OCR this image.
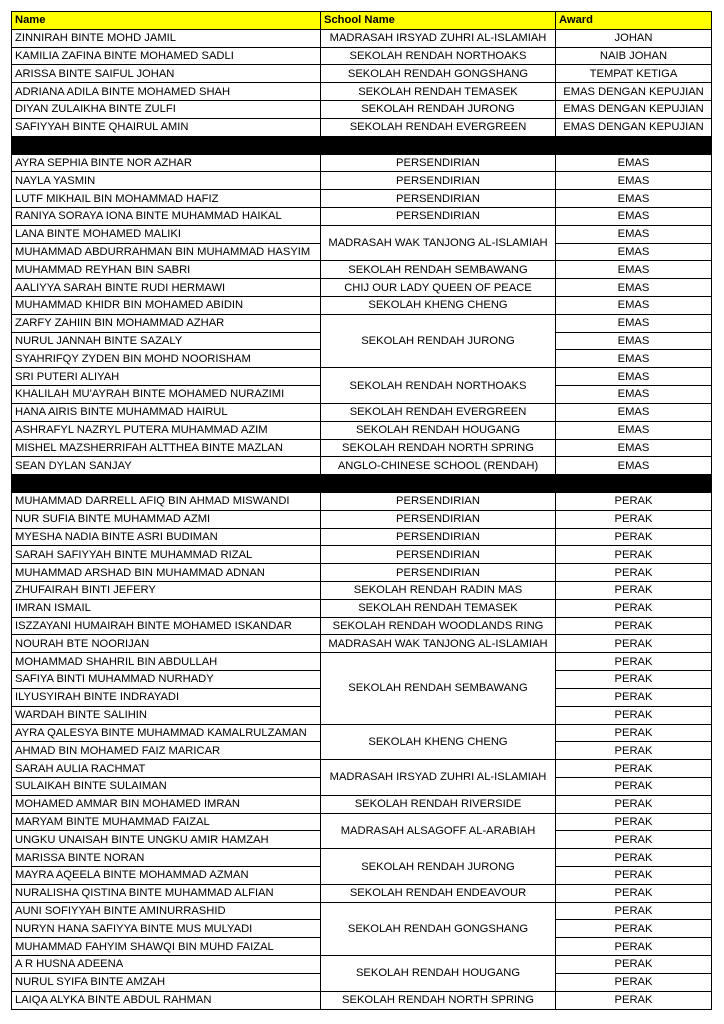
Name	School Name	Award
ZINNIRAH BINTE MOHD JAMIL	MADRASAH IRSYAD ZUHRI AL-ISLAMIAH	JOHAN
KAMILIA ZAFINA BINTE MOHAMED SADLI	SEKOLAH RENDAH NORTHOAKS	NAIB JOHAN
ARISSA BINTE SAIFUL JOHAN	SEKOLAH RENDAH GONGSHANG	TEMPAT KETIGA
ADRIANA ADILA BINTE MOHAMED SHAH	SEKOLAH RENDAH TEMASEK	EMAS DENGAN KEPUJIAN
DIYAN ZULAIKHA BINTE ZULFI	SEKOLAH RENDAH JURONG	EMAS DENGAN KEPUJIAN
SAFIYYAH BINTE QHAIRUL AMIN	SEKOLAH RENDAH EVERGREEN	EMAS DENGAN KEPUJIAN

AYRA SEPHIA BINTE NOR AZHAR	PERSENDIRIAN	EMAS
NAYLA YASMIN	PERSENDIRIAN	EMAS
LUTF MIKHAIL BIN MOHAMMAD HAFIZ	PERSENDIRIAN	EMAS
RANIYA SORAYA IONA BINTE MUHAMMAD HAIKAL	PERSENDIRIAN	EMAS
LANA BINTE MOHAMED MALIKI	MADRASAH WAK TANJONG AL-ISLAMIAH	EMAS
MUHAMMAD ABDURRAHMAN BIN MUHAMMAD HASYIM		EMAS
MUHAMMAD REYHAN BIN SABRI	SEKOLAH RENDAH SEMBAWANG	EMAS
AALIYYA SARAH BINTE RUDI HERMAWI	CHIJ OUR LADY QUEEN OF PEACE	EMAS
MUHAMMAD KHIDR BIN MOHAMED ABIDIN	SEKOLAH KHENG CHENG	EMAS
ZARFY ZAHIIN BIN MOHAMMAD AZHAR	SEKOLAH RENDAH JURONG	EMAS
NURUL JANNAH BINTE SAZALY		EMAS
SYAHRIFQY ZYDEN BIN MOHD NOORISHAM		EMAS
SRI PUTERI ALIYAH	SEKOLAH RENDAH NORTHOAKS	EMAS
KHALILAH MU'AYRAH BINTE MOHAMED NURAZIMI		EMAS
HANA AIRIS BINTE MUHAMMAD HAIRUL	SEKOLAH RENDAH EVERGREEN	EMAS
ASHRAFYL NAZRYL PUTERA MUHAMMAD AZIM	SEKOLAH RENDAH HOUGANG	EMAS
MISHEL MAZSHERRIFAH ALTTHEA BINTE MAZLAN	SEKOLAH RENDAH NORTH SPRING	EMAS
SEAN DYLAN SANJAY	ANGLO-CHINESE SCHOOL (RENDAH)	EMAS

MUHAMMAD DARRELL AFIQ BIN AHMAD MISWANDI	PERSENDIRIAN	PERAK
NUR SUFIA BINTE MUHAMMAD AZMI	PERSENDIRIAN	PERAK
MYESHA NADIA BINTE ASRI BUDIMAN	PERSENDIRIAN	PERAK
SARAH SAFIYYAH BINTE MUHAMMAD RIZAL	PERSENDIRIAN	PERAK
MUHAMMAD ARSHAD BIN MUHAMMAD ADNAN	PERSENDIRIAN	PERAK
ZHUFAIRAH BINTI JEFERY	SEKOLAH RENDAH RADIN MAS	PERAK
IMRAN ISMAIL	SEKOLAH RENDAH TEMASEK	PERAK
ISZZAYANI HUMAIRAH BINTE MOHAMED ISKANDAR	SEKOLAH RENDAH WOODLANDS RING	PERAK
NOURAH BTE NOORIJAN	MADRASAH WAK TANJONG AL-ISLAMIAH	PERAK
MOHAMMAD SHAHRIL BIN ABDULLAH	SEKOLAH RENDAH SEMBAWANG	PERAK
SAFIYA BINTI MUHAMMAD NURHADY		PERAK
ILYUSYIRAH BINTE INDRAYADI		PERAK
WARDAH BINTE SALIHIN		PERAK
AYRA QALESYA BINTE MUHAMMAD KAMALRULZAMAN	SEKOLAH KHENG CHENG	PERAK
AHMAD BIN MOHAMED FAIZ MARICAR		PERAK
SARAH AULIA RACHMAT	MADRASAH IRSYAD ZUHRI AL-ISLAMIAH	PERAK
SULAIKAH BINTE SULAIMAN		PERAK
MOHAMED AMMAR BIN MOHAMED IMRAN	SEKOLAH RENDAH RIVERSIDE	PERAK
MARYAM BINTE MUHAMMAD FAIZAL	MADRASAH ALSAGOFF AL-ARABIAH	PERAK
UNGKU UNAISAH BINTE UNGKU AMIR HAMZAH		PERAK
MARISSA BINTE NORAN	SEKOLAH RENDAH JURONG	PERAK
MAYRA AQEELA BINTE MOHAMMAD AZMAN		PERAK
NURALISHA QISTINA BINTE MUHAMMAD ALFIAN	SEKOLAH RENDAH ENDEAVOUR	PERAK
AUNI SOFIYYAH BINTE AMINURRASHID	SEKOLAH RENDAH GONGSHANG	PERAK
NURYN HANA SAFIYYA BINTE MUS MULYADI		PERAK
MUHAMMAD FAHYIM SHAWQI BIN MUHD FAIZAL		PERAK
A R HUSNA ADEENA	SEKOLAH RENDAH HOUGANG	PERAK
NURUL SYIFA BINTE AMZAH		PERAK
LAIQA ALYKA BINTE ABDUL RAHMAN	SEKOLAH RENDAH NORTH SPRING	PERAK
